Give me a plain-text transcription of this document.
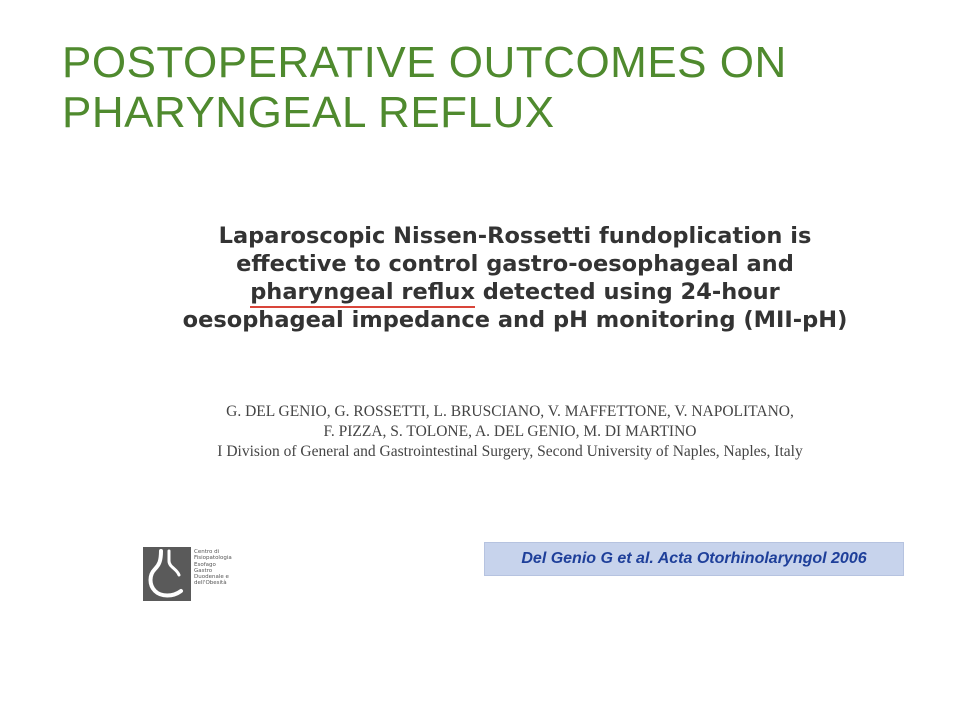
POSTOPERATIVE OUTCOMES ON
PHARYNGEAL REFLUX
Laparoscopic Nissen-Rossetti fundoplication is
effective to control gastro-oesophageal and
pharyngeal reflux detected using 24-hour
oesophageal impedance and pH monitoring (MII-pH)
G. DEL GENIO, G. ROSSETTI, L. BRUSCIANO, V. MAFFETTONE, V. NAPOLITANO,
F. PIZZA, S. TOLONE, A. DEL GENIO, M. DI MARTINO
I Division of General and Gastrointestinal Surgery, Second University of Naples, Naples, Italy
Centro di
Fisiopatologia
Esofago
Gastro
Duodenale e
dell'Obesità
Del Genio G et al. Acta Otorhinolaryngol 2006
